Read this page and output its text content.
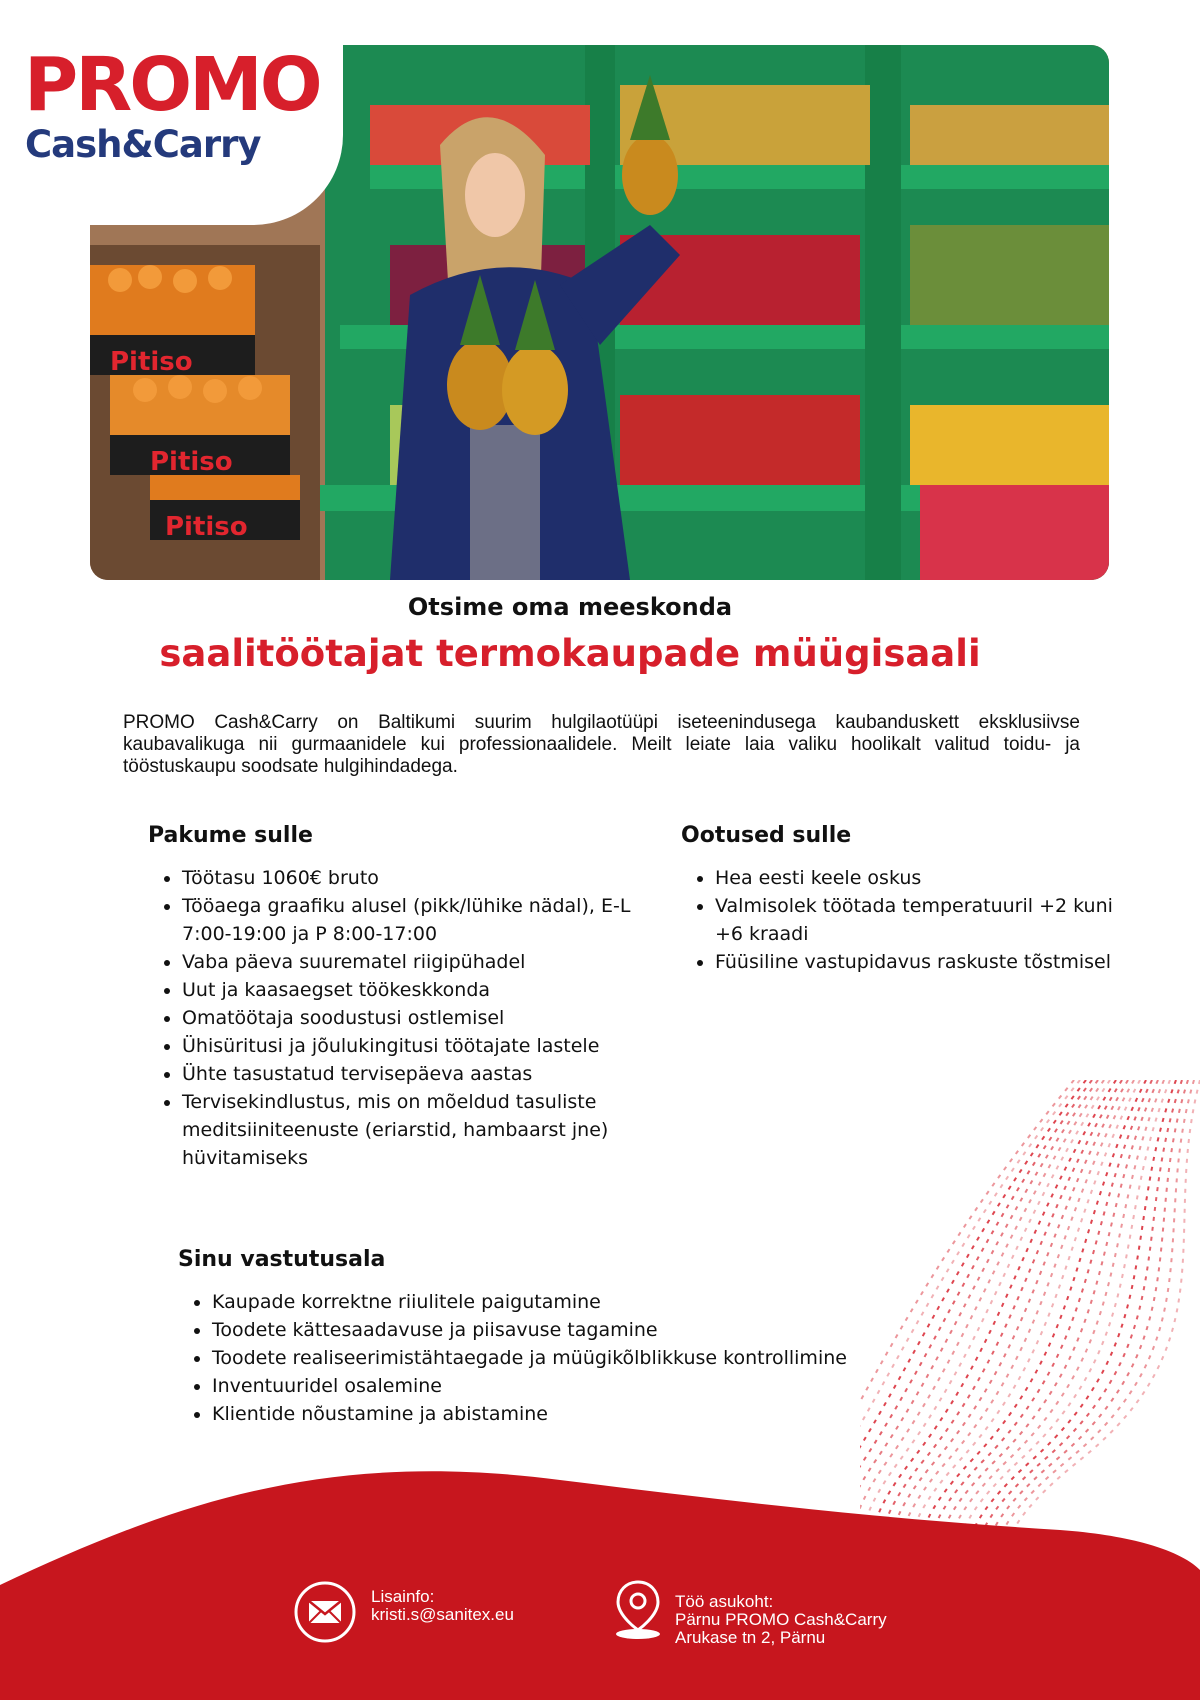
Pitiso
Pitiso
Pitiso
PROMO
Cash&Carry
Otsime oma meeskonda
saalitöötajat termokaupade müügisaali
PROMO Cash&Carry on Baltikumi suurim hulgilaotüüpi iseteenindusega kaubanduskett eksklusiivse kaubavalikuga nii gurmaanidele kui professionaalidele. Meilt leiate laia valiku hoolikalt valitud toidu- ja tööstuskaupu soodsate hulgihindadega.
Pakume sulle
• Töötasu 1060€ bruto
• Tööaega graafiku alusel (pikk/lühike nädal), E-L 7:00-19:00 ja P 8:00-17:00
• Vaba päeva suurematel riigipühadel
• Uut ja kaasaegset töökeskkonda
• Omatöötaja soodustusi ostlemisel
• Ühisüritusi ja jõulukingitusi töötajate lastele
• Ühte tasustatud tervisepäeva aastas
• Tervisekindlustus, mis on mõeldud tasuliste meditsiiniteenuste (eriarstid, hambaarst jne) hüvitamiseks
Ootused sulle
• Hea eesti keele oskus
• Valmisolek töötada temperatuuril +2 kuni +6 kraadi
• Füüsiline vastupidavus raskuste tõstmisel
Sinu vastutusala
• Kaupade korrektne riiulitele paigutamine
• Toodete kättesaadavuse ja piisavuse tagamine
• Toodete realiseerimistähtaegade ja müügikõlblikkuse kontrollimine
• Inventuuridel osalemine
• Klientide nõustamine ja abistamine
Lisainfo:
kristi.s@sanitex.eu
Töö asukoht:
Pärnu PROMO Cash&Carry
Arukase tn 2, Pärnu
